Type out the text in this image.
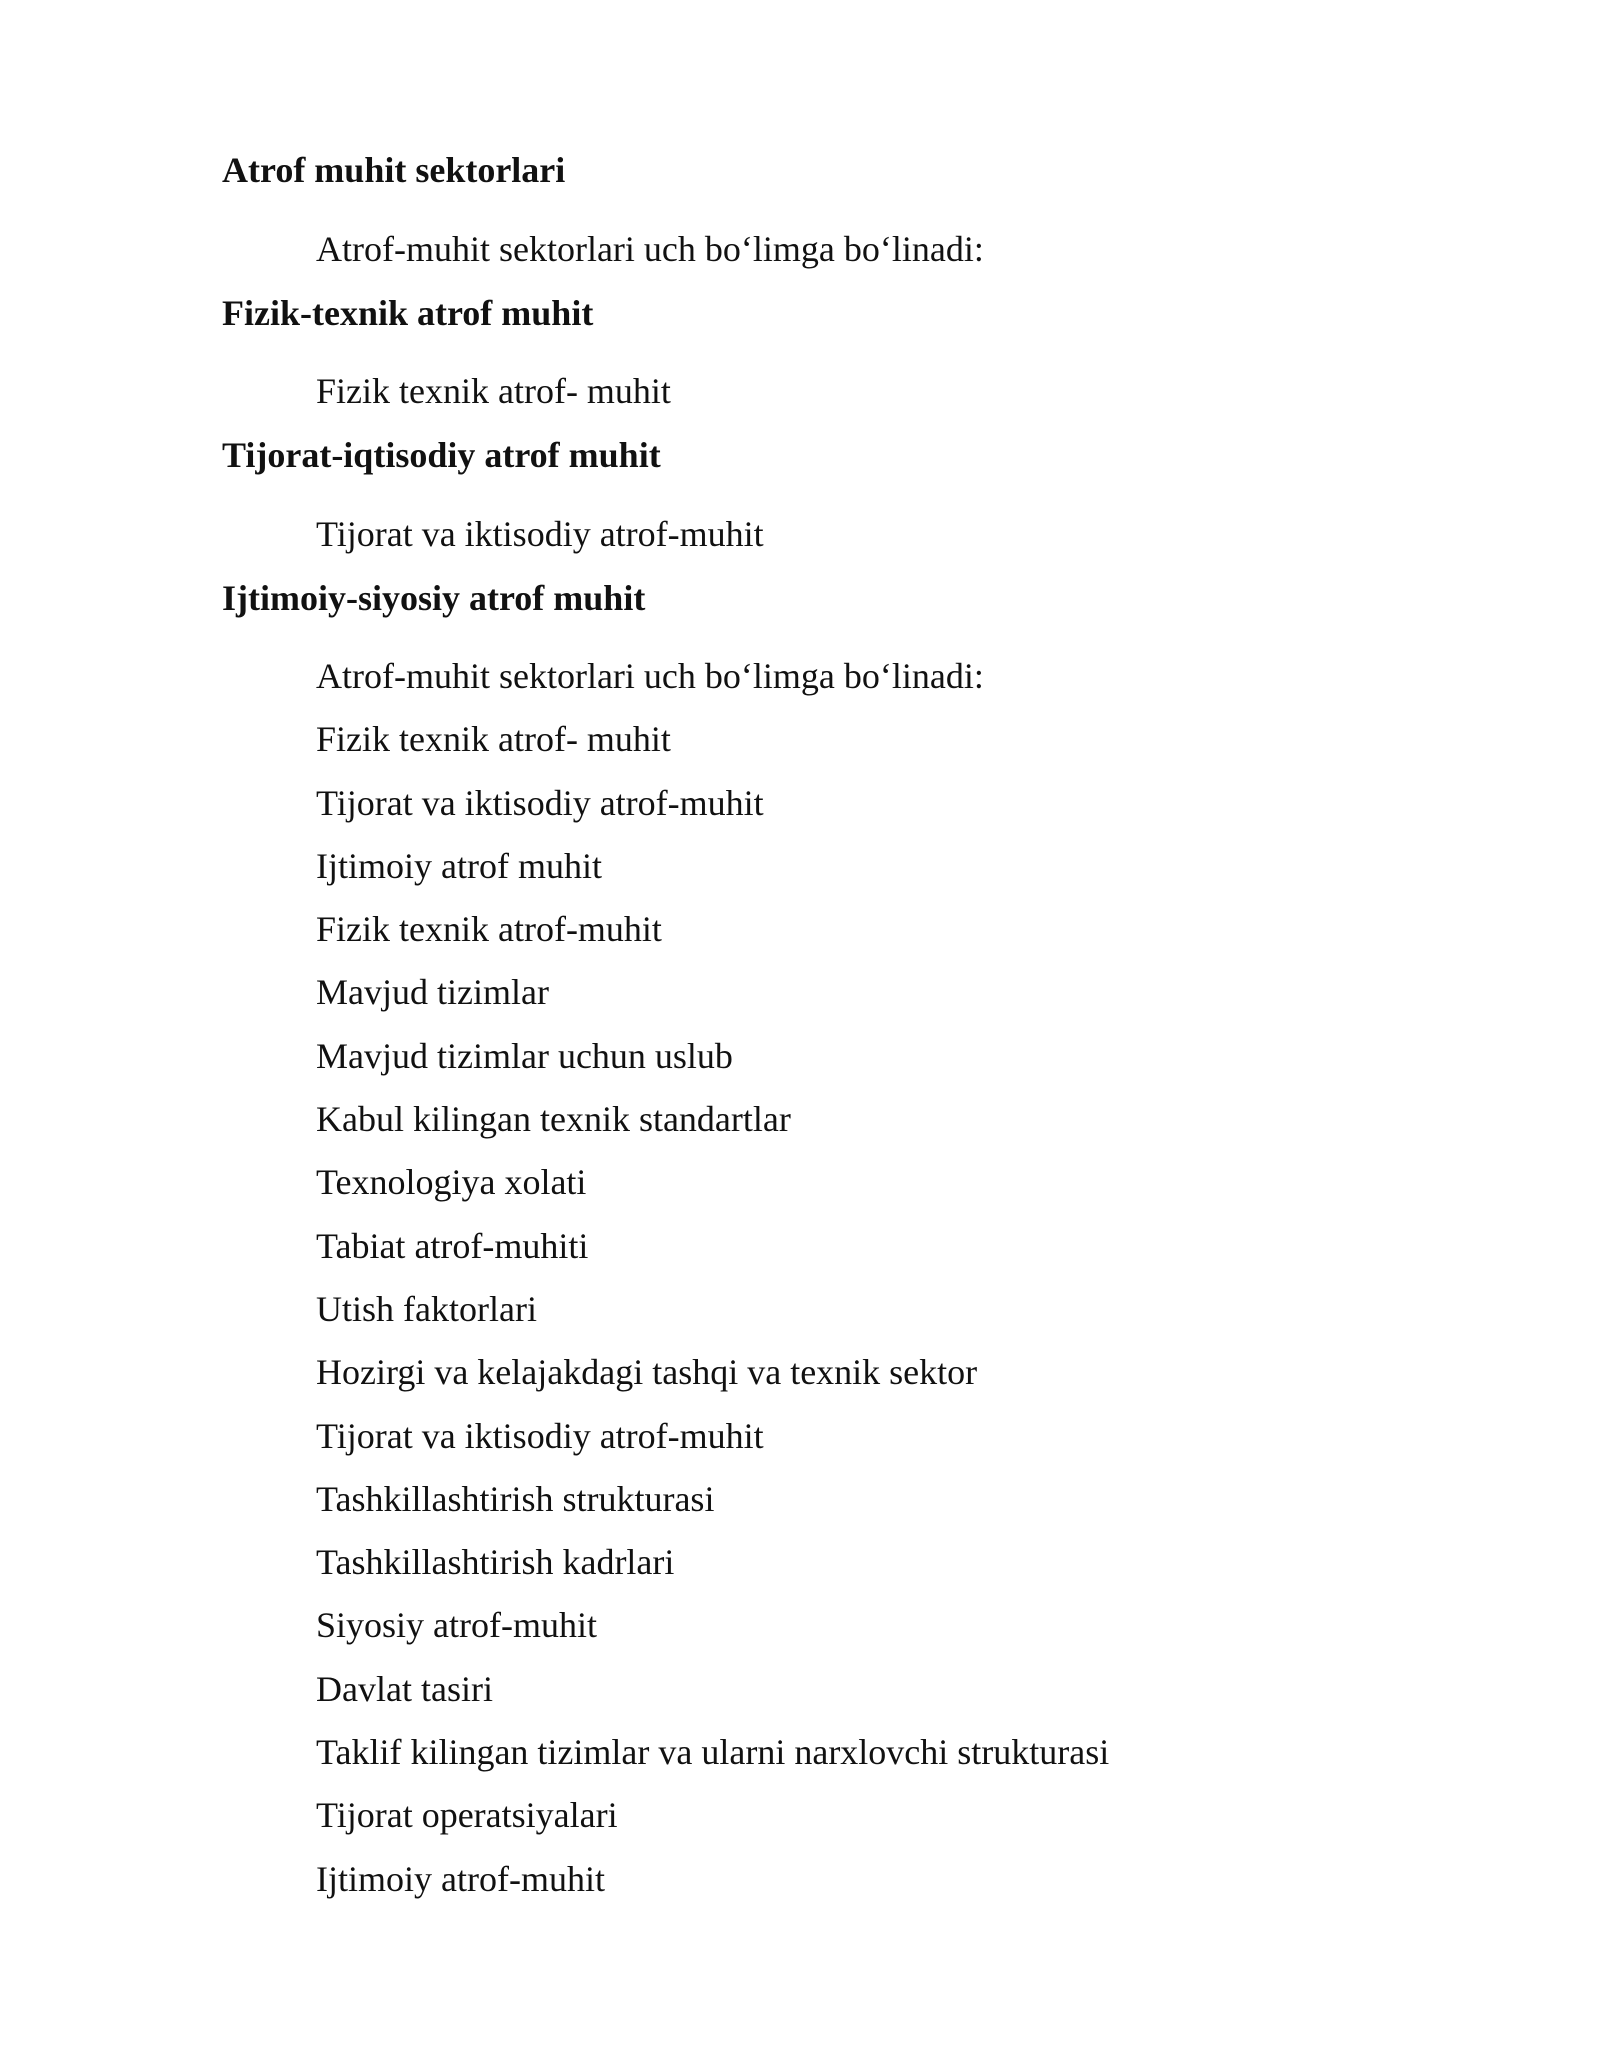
Atrof muhit sektorlari
Atrof-muhit sektorlari uch bo‘limga bo‘linadi:
Fizik-texnik atrof muhit
Fizik texnik atrof- muhit
Tijorat-iqtisodiy atrof muhit
Tijorat va iktisodiy atrof-muhit
Ijtimoiy-siyosiy atrof muhit
Atrof-muhit sektorlari uch bo‘limga bo‘linadi:
Fizik texnik atrof- muhit
Tijorat va iktisodiy atrof-muhit
Ijtimoiy atrof muhit
Fizik texnik atrof-muhit
Mavjud tizimlar
Mavjud tizimlar uchun uslub
Kabul kilingan texnik standartlar
Texnologiya xolati
Tabiat atrof-muhiti
Utish faktorlari
Hozirgi va kelajakdagi tashqi va texnik sektor
Tijorat va iktisodiy atrof-muhit
Tashkillashtirish strukturasi
Tashkillashtirish kadrlari
Siyosiy atrof-muhit
Davlat tasiri
Taklif kilingan tizimlar va ularni narxlovchi strukturasi
Tijorat operatsiyalari
Ijtimoiy atrof-muhit
